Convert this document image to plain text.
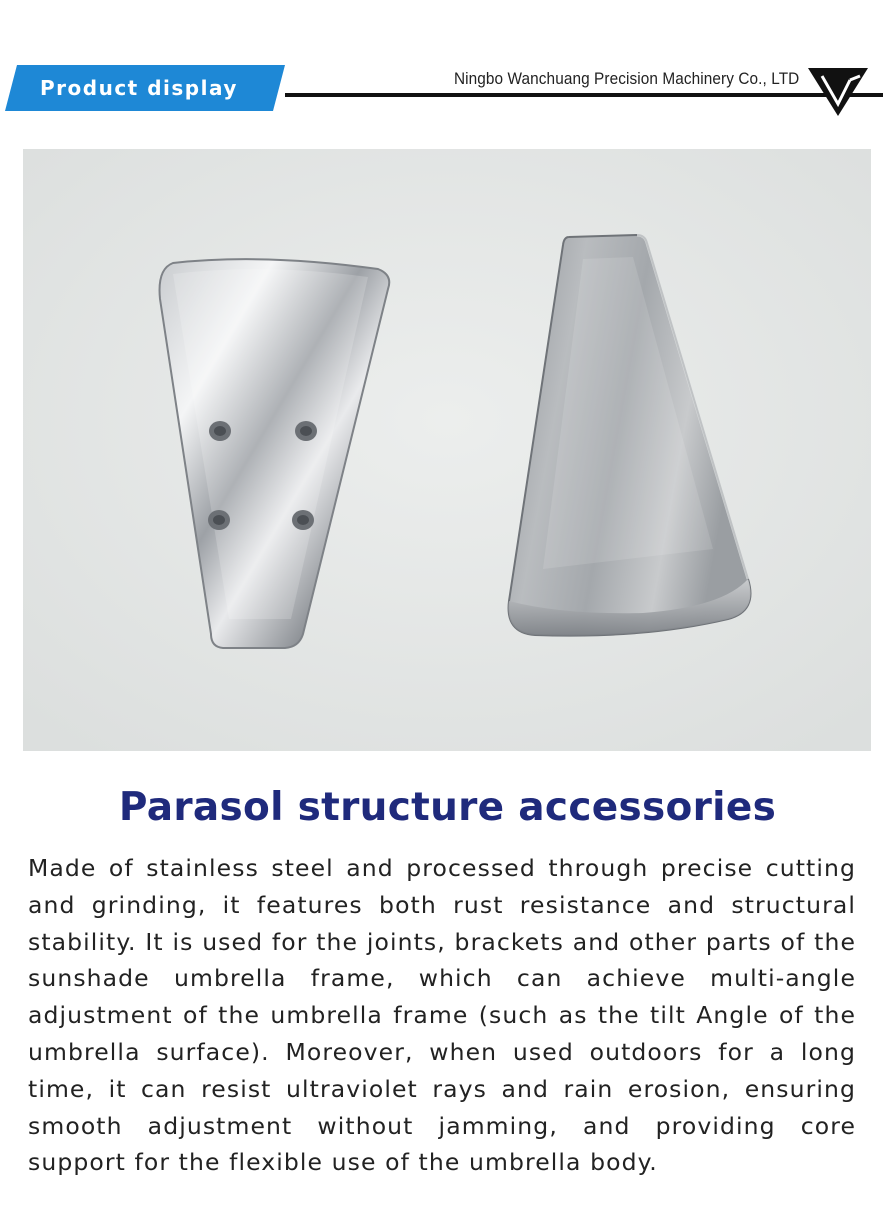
Product display	Ningbo Wanchuang Precision Machinery Co., LTD
Parasol structure accessories
Made of stainless steel and processed through precise cutting and grinding, it features both rust resistance and structural stability. It is used for the joints, brackets and other parts of the sunshade umbrella frame, which can achieve multi-angle adjustment of the umbrella frame (such as the tilt Angle of the umbrella surface). Moreover, when used outdoors for a long time, it can resist ultraviolet rays and rain erosion, ensuring smooth adjustment without jamming, and providing core support for the flexible use of the umbrella body.
